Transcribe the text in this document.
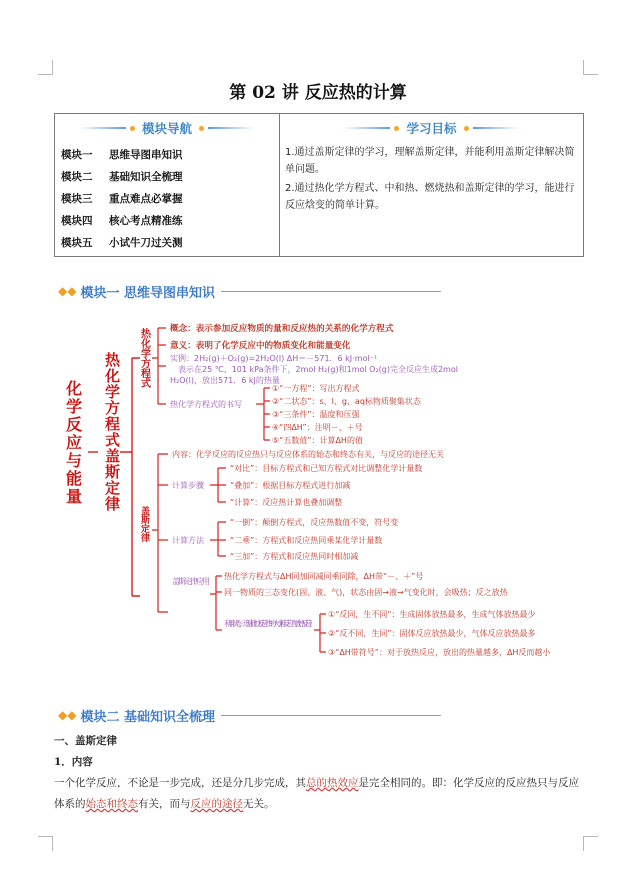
第 02 讲 反应热的计算
模块导航	学习目标
模块一 思维导图串知识
模块二 基础知识全梳理
模块三 重点难点必掌握
模块四 核心考点精准练
模块五 小试牛刀过关测
1.通过盖斯定律的学习，理解盖斯定律，并能利用盖斯定律解决简单问题。
2.通过热化学方程式、中和热、燃烧热和盖斯定律的学习，能进行反应焓变的简单计算。
◆◆ 模块一 思维导图串知识
化学反应与能量 热化学方程式盖斯定律 热化学方程式 概念：表示参加反应物质的量和反应热的关系的化学方程式
意义：表明了化学反应中的物质变化和能量变化
实例：2H₂(g)＋O₂(g)=2H₂O(l) ΔH＝－571．6 kJ·mol⁻¹
表示在25 ℃、101 kPa条件下，2mol H₂(g)和1mol O₂(g)完全反应生成2mol
H₂O(l)，放出571．6 kJ的热量
热化学方程式的书写
①“一方程”：写出方程式
②“二状态”：s、l、g、aq标物质聚集状态
③“三条件”：温度和压强
④“四ΔH”：注明－、＋号
⑤“五数值”：计算ΔH的值
盖斯定律
内容：化学反应的反应热只与反应体系的始态和终态有关，与反应的途径无关
计算步骤
“对比”：目标方程式和已知方程式对比调整化学计量数
“叠加”：根据目标方程式进行加减
“计算”：反应热计算也叠加调整
计算方法
“一倒”：颠倒方程式，反应热数值不变，符号变
“二乘”：方程式和反应热同乘某化学计量数
“三加”：方程式和反应热同时相加减
盖斯定律应用
热化学方程式与ΔH同加同减同乘同除，ΔH带“－、＋”号
同一物质的三态变化(固、液、气)，状态由固→液→气变化时，会吸热；反之放热
利用状态，迅速比较反应热的大小(若反应为放热反应)
①“反同，生不同”：生成固体放热最多，生成气体放热最少
②“反不同，生同”：固体反应放热最少，气体反应放热最多
③“ΔH带符号”：对于放热反应，放出的热量越多，ΔH反而越小
◆◆ 模块二 基础知识全梳理
一、盖斯定律
1．内容
一个化学反应，不论是一步完成，还是分几步完成，其总的热效应是完全相同的。即：化学反应的反应热只与反应体系的始态和终态有关，而与反应的途径无关。
